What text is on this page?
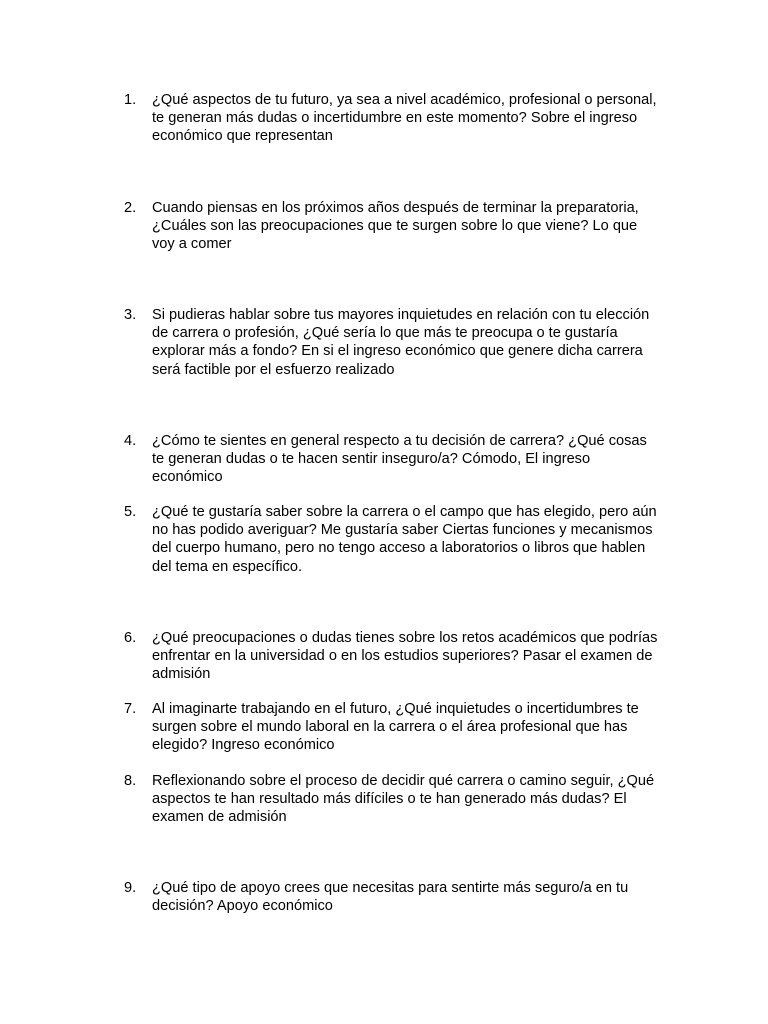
1.	¿Qué aspectos de tu futuro, ya sea a nivel académico, profesional o personal, te generan más dudas o incertidumbre en este momento? Sobre el ingreso económico que representan
2.	Cuando piensas en los próximos años después de terminar la preparatoria, ¿Cuáles son las preocupaciones que te surgen sobre lo que viene? Lo que voy a comer
3.	Si pudieras hablar sobre tus mayores inquietudes en relación con tu elección de carrera o profesión, ¿Qué sería lo que más te preocupa o te gustaría explorar más a fondo? En si el ingreso económico que genere dicha carrera será factible por el esfuerzo realizado
4.	¿Cómo te sientes en general respecto a tu decisión de carrera? ¿Qué cosas te generan dudas o te hacen sentir inseguro/a? Cómodo, El ingreso económico
5.	¿Qué te gustaría saber sobre la carrera o el campo que has elegido, pero aún no has podido averiguar? Me gustaría saber Ciertas funciones y mecanismos del cuerpo humano, pero no tengo acceso a laboratorios o libros que hablen del tema en específico.
6.	¿Qué preocupaciones o dudas tienes sobre los retos académicos que podrías enfrentar en la universidad o en los estudios superiores? Pasar el examen de admisión
7.	Al imaginarte trabajando en el futuro, ¿Qué inquietudes o incertidumbres te surgen sobre el mundo laboral en la carrera o el área profesional que has elegido? Ingreso económico
8.	Reflexionando sobre el proceso de decidir qué carrera o camino seguir, ¿Qué aspectos te han resultado más difíciles o te han generado más dudas? El examen de admisión
9.	¿Qué tipo de apoyo crees que necesitas para sentirte más seguro/a en tu decisión? Apoyo económico
